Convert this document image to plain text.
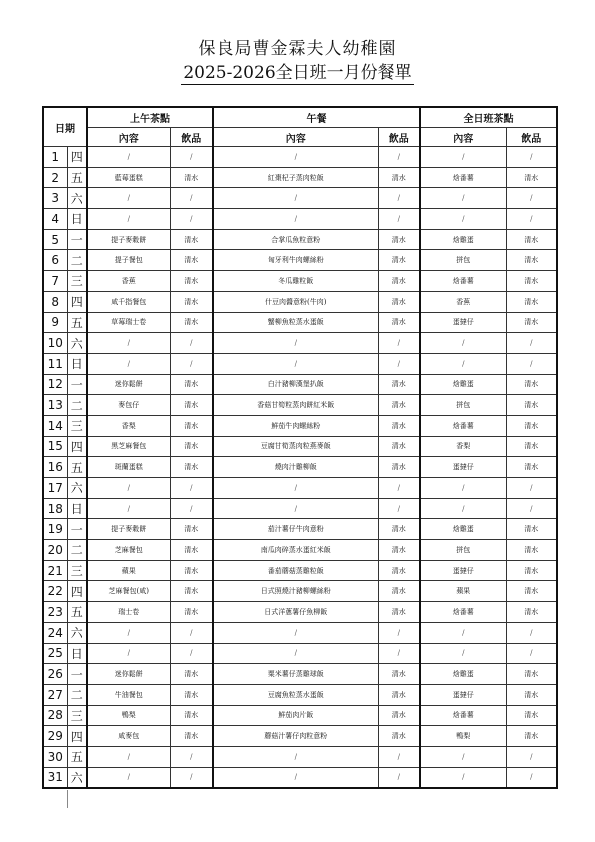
保良局曹金霖夫人幼稚園
2025-2026全日班一月份餐單
日期		上午茶點		午餐		全日班茶點	
		內容	飲品	內容	飲品	內容	飲品
1	四	/	/	/	/	/	/
2	五	藍莓蛋糕	清水	紅棗杞子蒸肉粒飯	清水	焓番薯	清水
3	六	/	/	/	/	/	/
4	日	/	/	/	/	/	/
5	一	提子麥穀餅	清水	合掌瓜魚粒意粉	清水	焓雞蛋	清水
6	二	提子餐包	清水	匈牙利牛肉螺絲粉	清水	拼包	清水
7	三	香蕉	清水	冬瓜雞粒飯	清水	焓番薯	清水
8	四	咸千指餐包	清水	什豆肉醬意粉(牛肉)	清水	香蕉	清水
9	五	草莓瑞士卷	清水	蟹柳魚粒蒸水蛋飯	清水	蛋撻仔	清水
10	六	/	/	/	/	/	/
11	日	/	/	/	/	/	/
12	一	迷你鬆餅	清水	白汁豬柳漢堡扒飯	清水	焓雞蛋	清水
13	二	麥包仔	清水	香菇甘筍粒蒸肉餅紅米飯	清水	拼包	清水
14	三	香梨	清水	鮮茄牛肉螺絲粉	清水	焓番薯	清水
15	四	黑芝麻餐包	清水	豆腐甘筍蒸肉粒燕麥飯	清水	香梨	清水
16	五	斑蘭蛋糕	清水	燒肉汁雞柳飯	清水	蛋撻仔	清水
17	六	/	/	/	/	/	/
18	日	/	/	/	/	/	/
19	一	提子麥穀餅	清水	茄汁薯仔牛肉意粉	清水	焓雞蛋	清水
20	二	芝麻餐包	清水	南瓜肉碎蒸水蛋紅米飯	清水	拼包	清水
21	三	蘋果	清水	番茄蘑菇蒸雞粒飯	清水	蛋撻仔	清水
22	四	芝麻餐包(咸)	清水	日式照燒汁豬柳螺絲粉	清水	蘋果	清水
23	五	瑞士卷	清水	日式洋蔥薯仔魚柳飯	清水	焓番薯	清水
24	六	/	/	/	/	/	/
25	日	/	/	/	/	/	/
26	一	迷你鬆餅	清水	粟米薯仔蒸雞球飯	清水	焓雞蛋	清水
27	二	牛油餐包	清水	豆腐魚粒蒸水蛋飯	清水	蛋撻仔	清水
28	三	鴨梨	清水	鮮茄肉片飯	清水	焓番薯	清水
29	四	咸麥包	清水	蘑菇汁薯仔肉粒意粉	清水	鴨梨	清水
30	五	/	/	/	/	/	/
31	六	/	/	/	/	/	/
